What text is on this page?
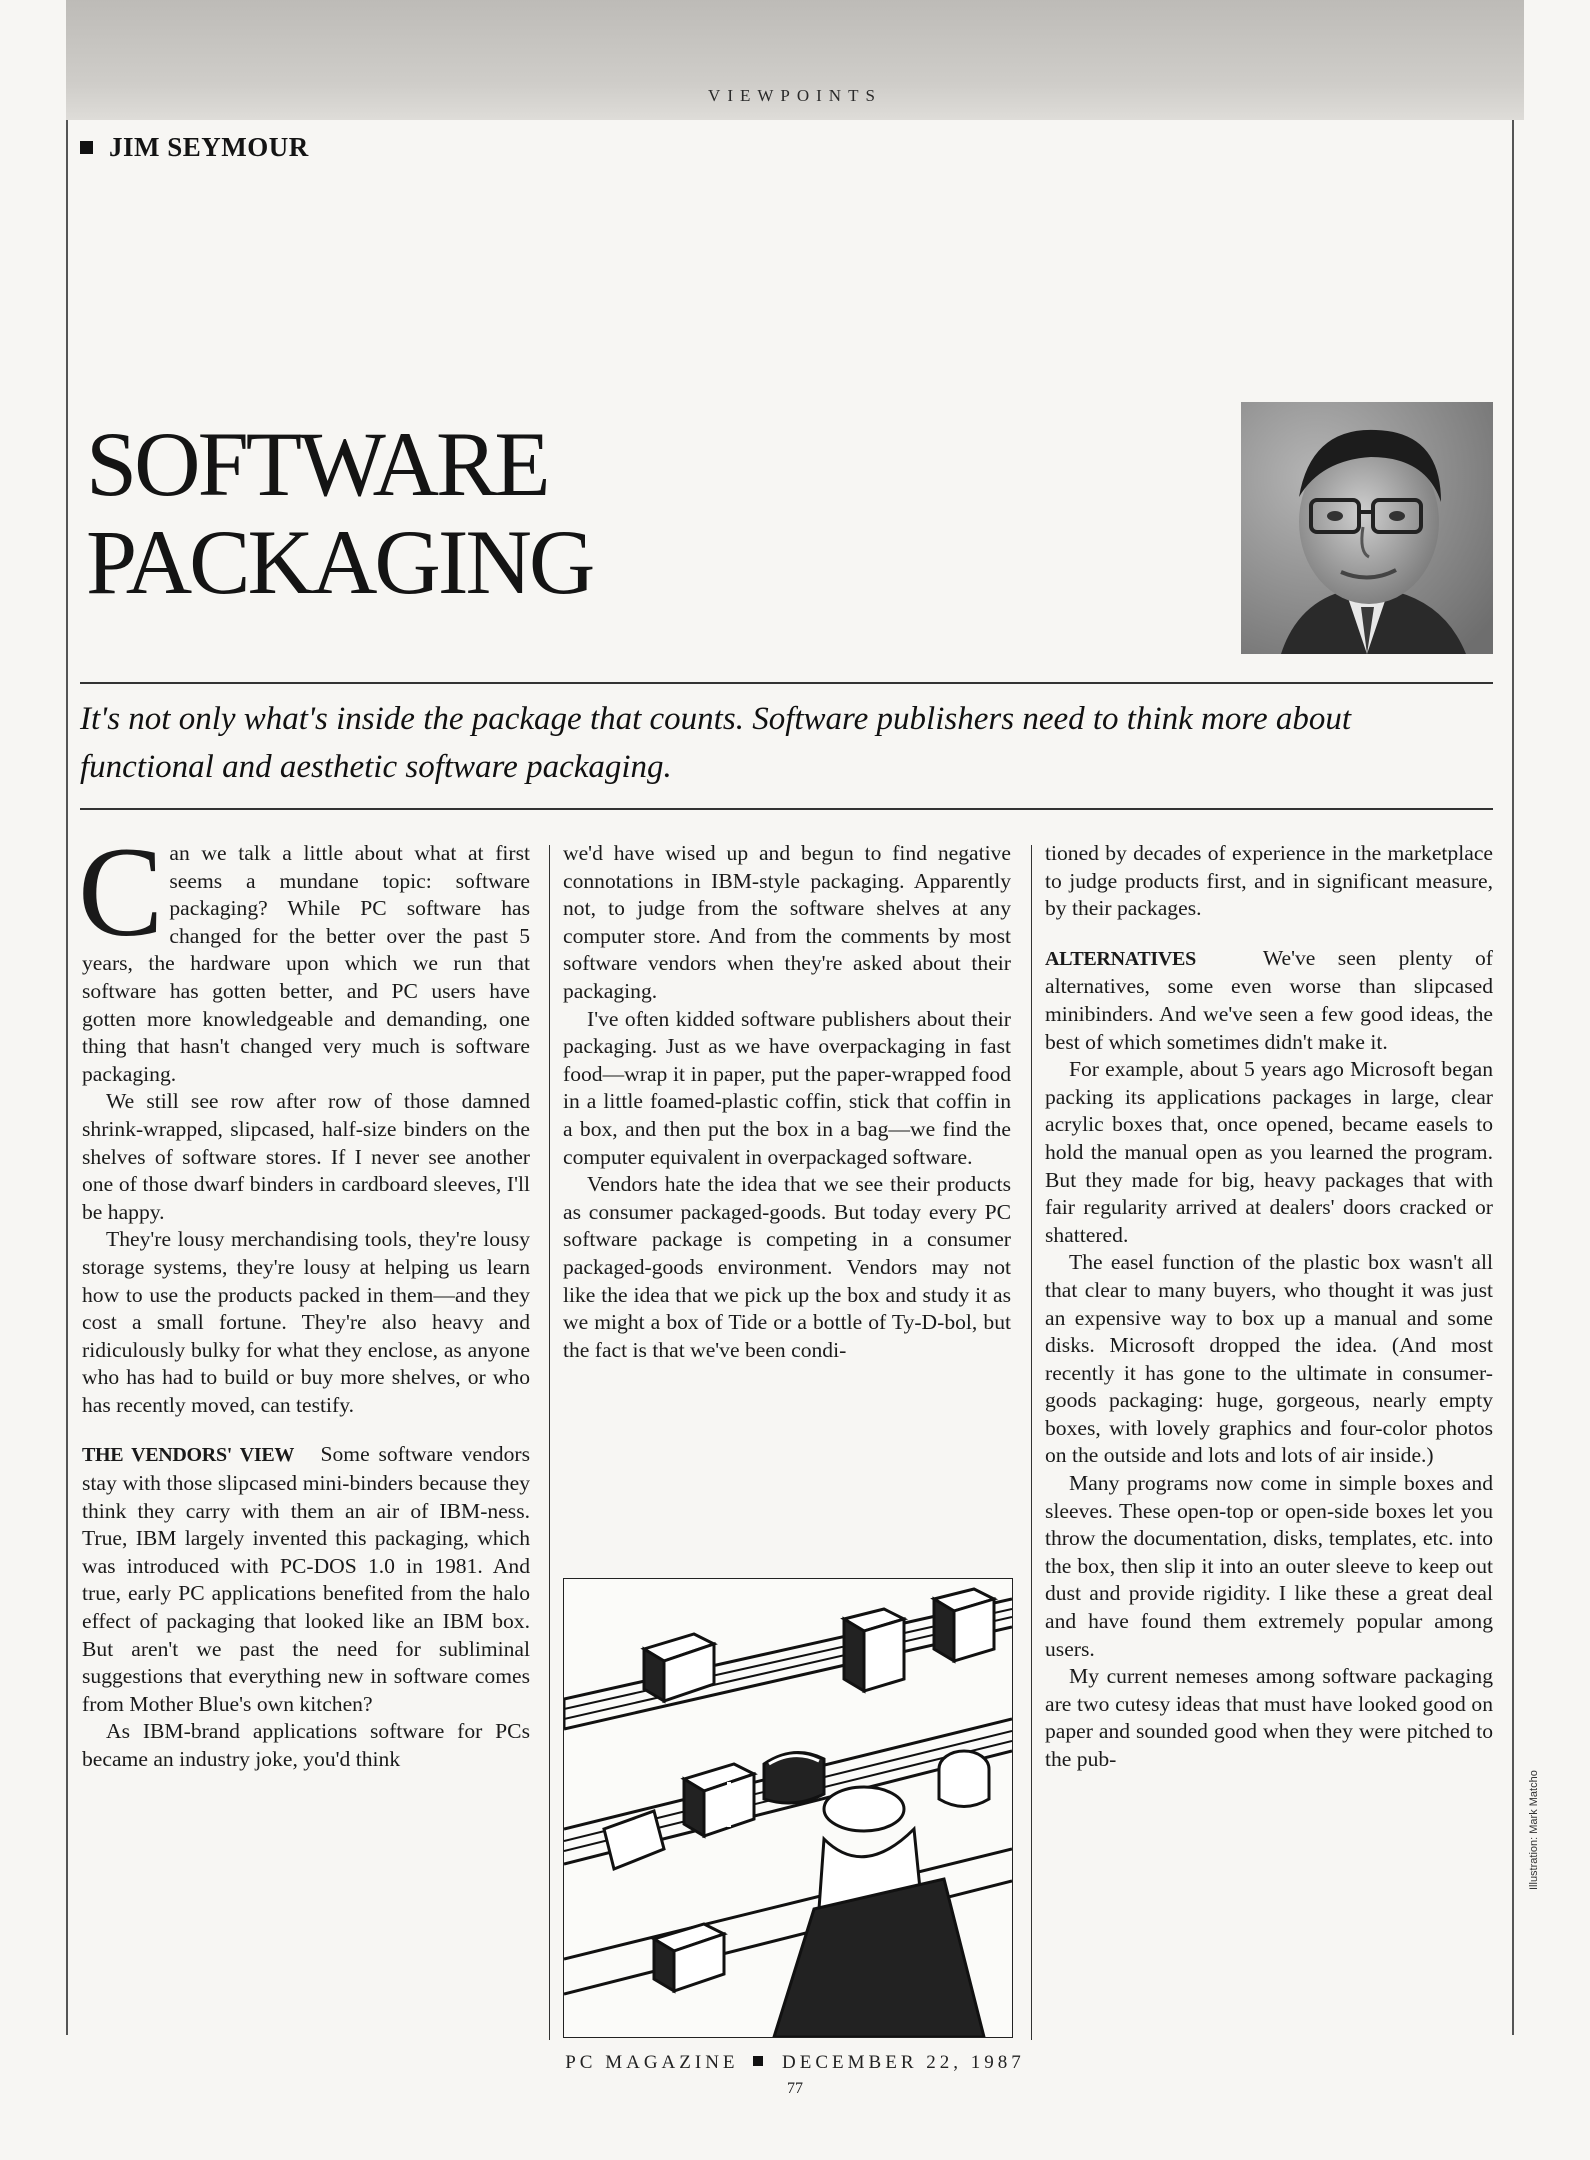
VIEWPOINTS
JIM SEYMOUR
SOFTWARE
PACKAGING
It's not only what's inside the package that counts. Software publishers need to think more about functional and aesthetic software packaging.

Can we talk a little about what at first seems a mundane topic: software packaging? While PC software has changed for the better over the past 5 years, the hardware upon which we run that software has gotten better, and PC users have gotten more knowledgeable and demanding, one thing that hasn't changed very much is software packaging.

We still see row after row of those damned shrink-wrapped, slipcased, half-size binders on the shelves of software stores. If I never see another one of those dwarf binders in cardboard sleeves, I'll be happy.

They're lousy merchandising tools, they're lousy storage systems, they're lousy at helping us learn how to use the products packed in them—and they cost a small fortune. They're also heavy and ridiculously bulky for what they enclose, as anyone who has had to build or buy more shelves, or who has recently moved, can testify.

THE VENDORS' VIEW Some software vendors stay with those slipcased mini-binders because they think they carry with them an air of IBM-ness. True, IBM largely invented this packaging, which was introduced with PC-DOS 1.0 in 1981. And true, early PC applications benefited from the halo effect of packaging that looked like an IBM box. But aren't we past the need for subliminal suggestions that everything new in software comes from Mother Blue's own kitchen?

As IBM-brand applications software for PCs became an industry joke, you'd think

we'd have wised up and begun to find negative connotations in IBM-style packaging. Apparently not, to judge from the software shelves at any computer store. And from the comments by most software vendors when they're asked about their packaging.

I've often kidded software publishers about their packaging. Just as we have overpackaging in fast food—wrap it in paper, put the paper-wrapped food in a little foamed-plastic coffin, stick that coffin in a box, and then put the box in a bag—we find the computer equivalent in overpackaged software.

Vendors hate the idea that we see their products as consumer packaged-goods. But today every PC software package is competing in a consumer packaged-goods environment. Vendors may not like the idea that we pick up the box and study it as we might a box of Tide or a bottle of Ty-D-bol, but the fact is that we've been condi-

tioned by decades of experience in the marketplace to judge products first, and in significant measure, by their packages.

ALTERNATIVES	We've seen plenty of alternatives, some even worse than slipcased minibinders. And we've seen a few good ideas, the best of which sometimes didn't make it.

For example, about 5 years ago Microsoft began packing its applications packages in large, clear acrylic boxes that, once opened, became easels to hold the manual open as you learned the program. But they made for big, heavy packages that with fair regularity arrived at dealers' doors cracked or shattered.

The easel function of the plastic box wasn't all that clear to many buyers, who thought it was just an expensive way to box up a manual and some disks. Microsoft dropped the idea. (And most recently it has gone to the ultimate in consumer-goods packaging: huge, gorgeous, nearly empty boxes, with lovely graphics and four-color photos on the outside and lots and lots of air inside.)

Many programs now come in simple boxes and sleeves. These open-top or open-side boxes let you throw the documentation, disks, templates, etc. into the box, then slip it into an outer sleeve to keep out dust and provide rigidity. I like these a great deal and have found them extremely popular among users.

My current nemeses among software packaging are two cutesy ideas that must have looked good on paper and sounded good when they were pitched to the pub-

Illustration: Mark Matcho
PC MAGAZINE DECEMBER 22, 1987
77
